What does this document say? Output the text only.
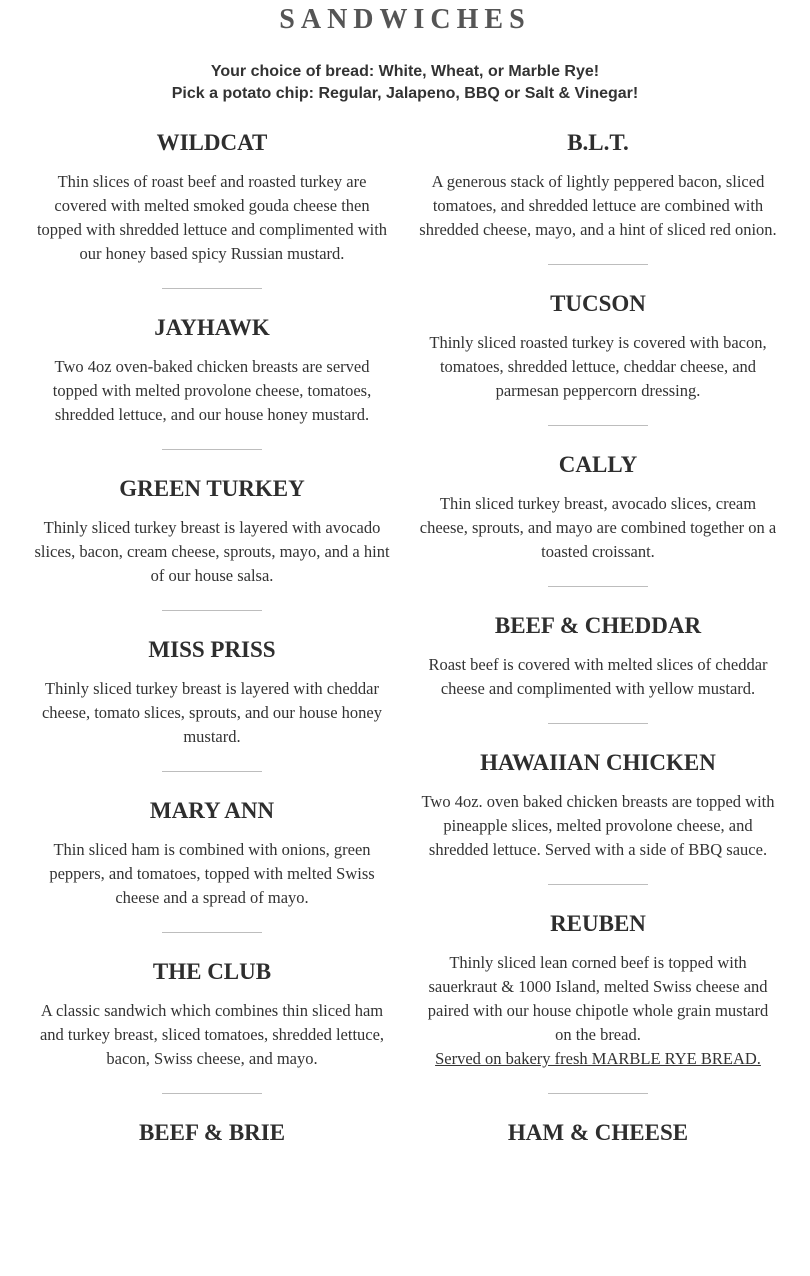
SANDWICHES
Your choice of bread: White, Wheat, or Marble Rye!
Pick a potato chip: Regular, Jalapeno, BBQ or Salt & Vinegar!
WILDCAT

Thin slices of roast beef and roasted turkey are covered with melted smoked gouda cheese then topped with shredded lettuce and complimented with our honey based spicy Russian mustard.

JAYHAWK

Two 4oz oven-baked chicken breasts are served topped with melted provolone cheese, tomatoes, shredded lettuce, and our house honey mustard.

GREEN TURKEY

Thinly sliced turkey breast is layered with avocado slices, bacon, cream cheese, sprouts, mayo, and a hint of our house salsa.

MISS PRISS

Thinly sliced turkey breast is layered with cheddar cheese, tomato slices, sprouts, and our house honey mustard.

MARY ANN

Thin sliced ham is combined with onions, green peppers, and tomatoes, topped with melted Swiss cheese and a spread of mayo.

THE CLUB

A classic sandwich which combines thin sliced ham and turkey breast, sliced tomatoes, shredded lettuce, bacon, Swiss cheese, and mayo.

BEEF & BRIE
B.L.T.

A generous stack of lightly peppered bacon, sliced tomatoes, and shredded lettuce are combined with shredded cheese, mayo, and a hint of sliced red onion.

TUCSON

Thinly sliced roasted turkey is covered with bacon, tomatoes, shredded lettuce, cheddar cheese, and parmesan peppercorn dressing.

CALLY

Thin sliced turkey breast, avocado slices, cream cheese, sprouts, and mayo are combined together on a toasted croissant.

BEEF & CHEDDAR

Roast beef is covered with melted slices of cheddar cheese and complimented with yellow mustard.

HAWAIIAN CHICKEN

Two 4oz. oven baked chicken breasts are topped with pineapple slices, melted provolone cheese, and shredded lettuce. Served with a side of BBQ sauce.

REUBEN

Thinly sliced lean corned beef is topped with sauerkraut & 1000 Island, melted Swiss cheese and paired with our house chipotle whole grain mustard on the bread.
Served on bakery fresh MARBLE RYE BREAD.

HAM & CHEESE
